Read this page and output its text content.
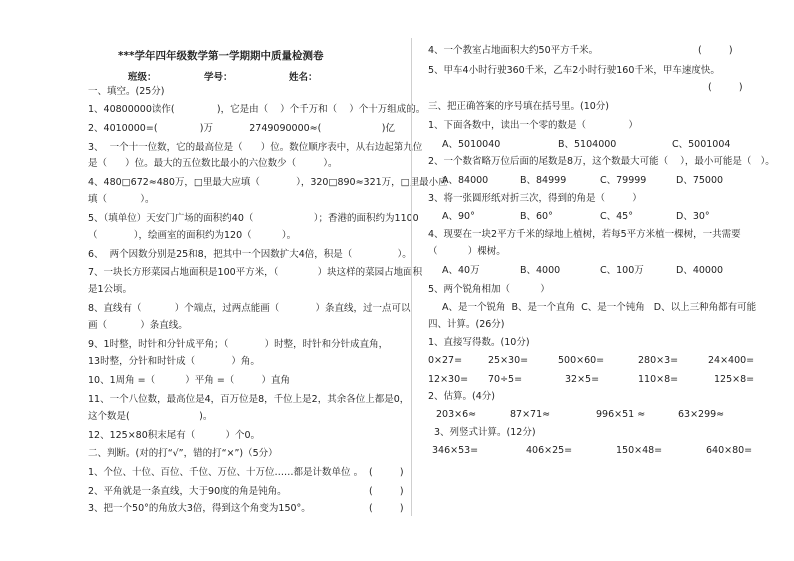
***学年四年级数学第一学期期中质量检测卷
班级：	学号：	姓名：
一、填空。(25分)
1、40800000读作(              )，它是由（    ）个千万和（    ）个十万组成的。
2、4010000=(              )万            2749090000≈(                    )亿
3、  一个十一位数，它的最高位是（      ）位。数位顺序表中，从右边起第九位
是（      ）位。最大的五位数比最小的六位数少（         ）。
4、480□672≈480万，□里最大应填（            ），320□890≈321万，□里最小应
填（           ）。
5、（填单位）天安门广场的面积约40（                    ）；香港的面积约为1100
（            ），绘画室的面积约为120（          ）。
6、  两个因数分别是25和8，把其中一个因数扩大4倍，积是（               ）。
7、一块长方形菜园占地面积是100平方米，（             ）块这样的菜园占地面积
是1公顷。
8、直线有（           ）个端点，过两点能画（            ）条直线，过一点可以
画（           ）条直线。
9、1时整，时针和分针成平角；（            ）时整，时针和分针成直角，
13时整，分针和时针成（            ）角。
10、1周角 =（          ）平角 =（         ）直角
11、一个八位数，最高位是4，百万位是8，千位上是2，其余各位上都是0，
这个数是(                       )。
12、125×80积末尾有（          ）个0。
二、判断。(对的打“√”，错的打“×”)（5分）
1、个位、十位、百位、千位、万位、十万位……都是计数单位 。 (         )
2、平角就是一条直线，大于90度的角是钝角。	(         )
3、把一个50°的角放大3倍，得到这个角变为150°。	(         )
4、一个教室占地面积大约50平方千米。	(         )
5、甲车4小时行驶360千米，乙车2小时行驶160千米，甲车速度快。
(         )
三、把正确答案的序号填在括号里。(10分)
1、下面各数中，读出一个零的数是（              ）
A、5010040	B、5104000	C、5001004
2、一个数省略万位后面的尾数是8万，这个数最大可能（    ），最小可能是（   ）。
A、84000	B、84999	C、79999	D、75000
3、将一张圆形纸对折三次，得到的角是（         ）
A、90°	B、60°	C、45°	D、30°
4、现要在一块2平方千米的绿地上植树，若每5平方米植一棵树，一共需要
（          ）棵树。
A、40万	B、4000	C、100万	D、40000
5、两个锐角相加（          ）
A、是一个锐角  B、是一个直角  C、是一个钝角   D、以上三种角都有可能
四、计算。(26分)
1、直接写得数。(10分)
0×27=	25×30=	500×60=	280×3=	24×400=
12×30= 70÷5=	32×5=	110×8=	125×8=
2、估算。(4分)
203×6≈	87×71≈	996×51 ≈	63×299≈
3、列竖式计算。(12分)
346×53=	406×25=	150×48=	640×80=
